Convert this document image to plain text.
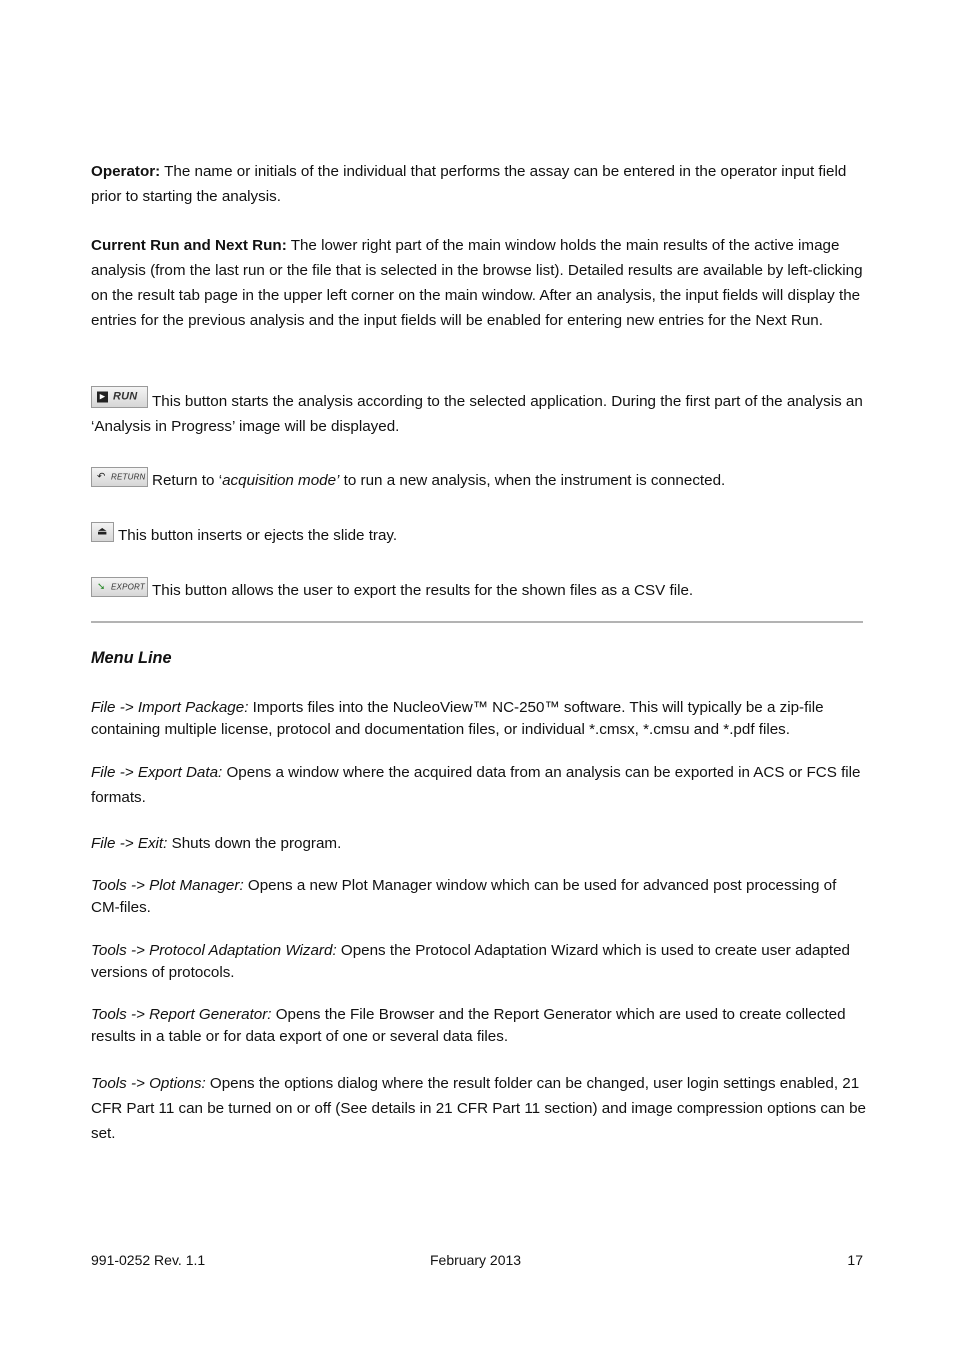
Operator: The name or initials of the individual that performs the assay can be entered in the operator input field prior to starting the analysis.

Current Run and Next Run: The lower right part of the main window holds the main results of the active image analysis (from the last run or the file that is selected in the browse list). Detailed results are available by left-clicking on the result tab page in the upper left corner on the main window. After an analysis, the input fields will display the entries for the previous analysis and the input fields will be enabled for entering new entries for the Next Run.

▶ RUN This button starts the analysis according to the selected application. During the first part of the analysis an ‘Analysis in Progress’ image will be displayed.

↶ RETURN Return to ‘acquisition mode’ to run a new analysis, when the instrument is connected.

⏏ This button inserts or ejects the slide tray.

➘ EXPORT This button allows the user to export the results for the shown files as a CSV file.

Menu Line

File -> Import Package: Imports files into the NucleoView™ NC-250™ software. This will typically be a zip-file containing multiple license, protocol and documentation files, or individual *.cmsx, *.cmsu and *.pdf files.

File -> Export Data: Opens a window where the acquired data from an analysis can be exported in ACS or FCS file formats.

File -> Exit: Shuts down the program.

Tools -> Plot Manager: Opens a new Plot Manager window which can be used for advanced post processing of CM-files.

Tools -> Protocol Adaptation Wizard: Opens the Protocol Adaptation Wizard which is used to create user adapted versions of protocols.

Tools -> Report Generator: Opens the File Browser and the Report Generator which are used to create collected results in a table or for data export of one or several data files.

Tools -> Options: Opens the options dialog where the result folder can be changed, user login settings enabled, 21 CFR Part 11 can be turned on or off (See details in 21 CFR Part 11 section) and image compression options can be set.

991-0252 Rev. 1.1	February 2013	17
